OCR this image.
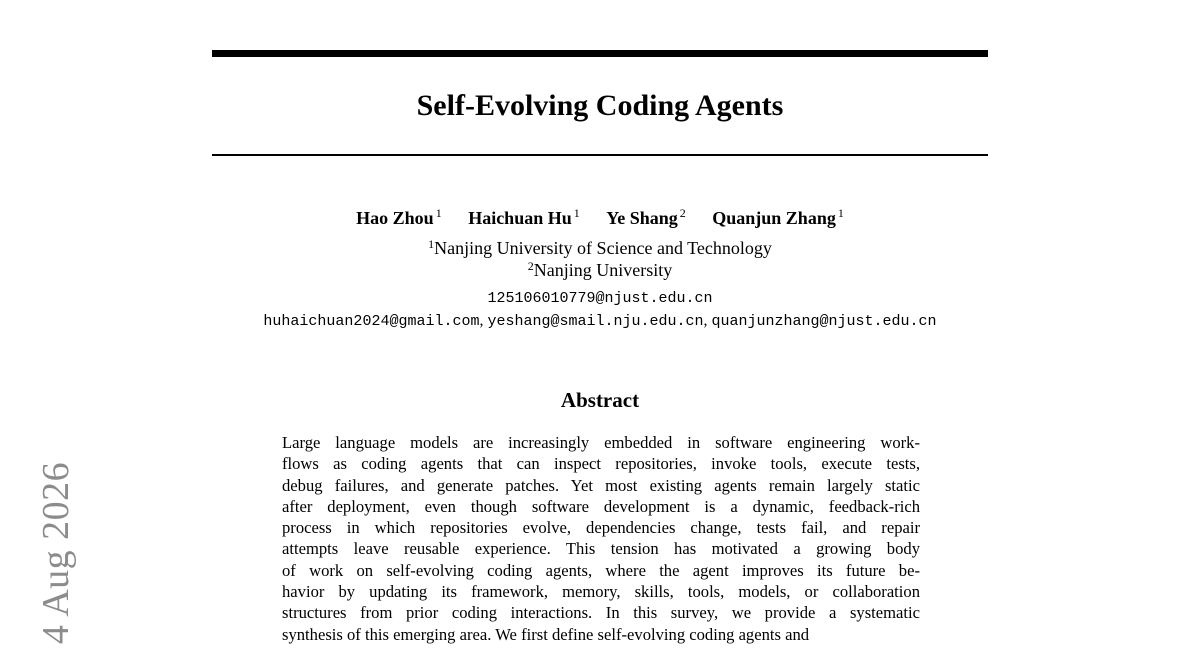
Self-Evolving Coding Agents
Hao Zhou $^1$ Haichuan Hu $^1$ Ye Shang $^2$ Quanjun Zhang $^1$
$^1$Nanjing University of Science and Technology
$^2$Nanjing University
125106010779@njust.edu.cn
huhaichuan2024@gmail.com, yeshang@smail.nju.edu.cn, quanjunzhang@njust.edu.cn
Abstract
Large language models are increasingly embedded in software engineering work-
flows as coding agents that can inspect repositories, invoke tools, execute tests,
debug failures, and generate patches. Yet most existing agents remain largely static
after deployment, even though software development is a dynamic, feedback-rich
process in which repositories evolve, dependencies change, tests fail, and repair
attempts leave reusable experience. This tension has motivated a growing body
of work on self-evolving coding agents, where the agent improves its future be-
havior by updating its framework, memory, skills, tools, models, or collaboration
structures from prior coding interactions. In this survey, we provide a systematic
synthesis of this emerging area. We first define self-evolving coding agents and
4 Aug 2026
